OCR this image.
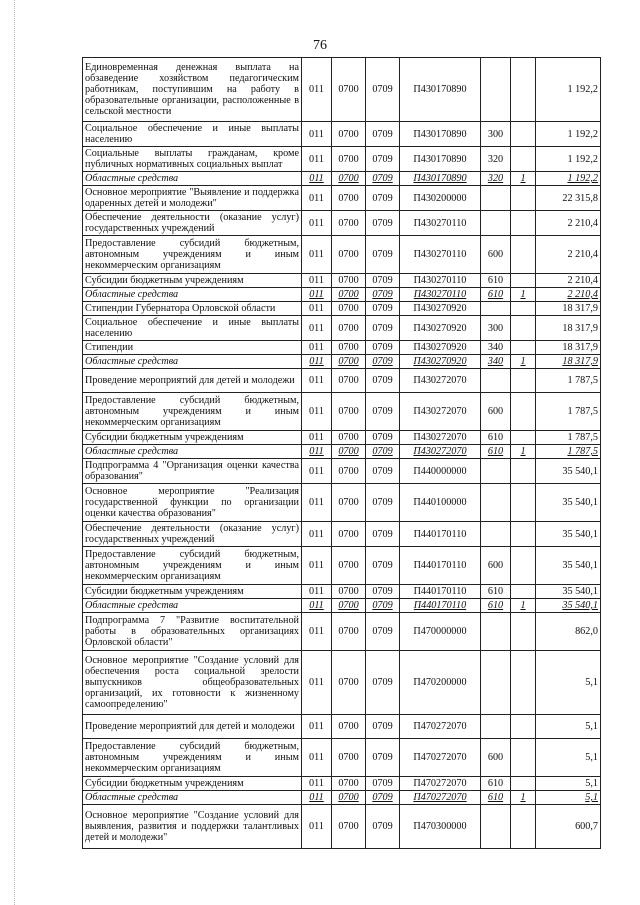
76
Единовременная денежная выплата на обзаведение хозяйством педагогическим работникам, поступившим на работу в образовательные организации, расположенные в сельской местности	011	0700	0709	П430170890			1 192,2
Социальное обеспечение и иные выплаты населению	011	0700	0709	П430170890	300		1 192,2
Социальные выплаты гражданам, кроме публичных нормативных социальных выплат	011	0700	0709	П430170890	320		1 192,2
Областные средства	011	0700	0709	П430170890	320	1	1 192,2
Основное мероприятие "Выявление и поддержка одаренных детей и молодежи"	011	0700	0709	П430200000			22 315,8
Обеспечение деятельности (оказание услуг) государственных учреждений	011	0700	0709	П430270110			2 210,4
Предоставление субсидий бюджетным, автономным учреждениям и иным некоммерческим организациям	011	0700	0709	П430270110	600		2 210,4
Субсидии бюджетным учреждениям	011	0700	0709	П430270110	610		2 210,4
Областные средства	011	0700	0709	П430270110	610	1	2 210,4
Стипендии Губернатора Орловской области	011	0700	0709	П430270920			18 317,9
Социальное обеспечение и иные выплаты населению	011	0700	0709	П430270920	300		18 317,9
Стипендии	011	0700	0709	П430270920	340		18 317,9
Областные средства	011	0700	0709	П430270920	340	1	18 317,9
Проведение мероприятий для детей и молодежи	011	0700	0709	П430272070			1 787,5
Предоставление субсидий бюджетным, автономным учреждениям и иным некоммерческим организациям	011	0700	0709	П430272070	600		1 787,5
Субсидии бюджетным учреждениям	011	0700	0709	П430272070	610		1 787,5
Областные средства	011	0700	0709	П430272070	610	1	1 787,5
Подпрограмма 4 "Организация оценки качества образования"	011	0700	0709	П440000000			35 540,1
Основное мероприятие "Реализация государственной функции по организации оценки качества образования"	011	0700	0709	П440100000			35 540,1
Обеспечение деятельности (оказание услуг) государственных учреждений	011	0700	0709	П440170110			35 540,1
Предоставление субсидий бюджетным, автономным учреждениям и иным некоммерческим организациям	011	0700	0709	П440170110	600		35 540,1
Субсидии бюджетным учреждениям	011	0700	0709	П440170110	610		35 540,1
Областные средства	011	0700	0709	П440170110	610	1	35 540,1
Подпрограмма 7 "Развитие воспитательной работы в образовательных организациях Орловской области"	011	0700	0709	П470000000			862,0
Основное мероприятие "Создание условий для обеспечения роста социальной зрелости выпускников общеобразовательных организаций, их готовности к жизненному самоопределению"	011	0700	0709	П470200000			5,1
Проведение мероприятий для детей и молодежи	011	0700	0709	П470272070			5,1
Предоставление субсидий бюджетным, автономным учреждениям и иным некоммерческим организациям	011	0700	0709	П470272070	600		5,1
Субсидии бюджетным учреждениям	011	0700	0709	П470272070	610		5,1
Областные средства	011	0700	0709	П470272070	610	1	5,1
Основное мероприятие "Создание условий для выявления, развития и поддержки талантливых детей и молодежи"	011	0700	0709	П470300000			600,7
